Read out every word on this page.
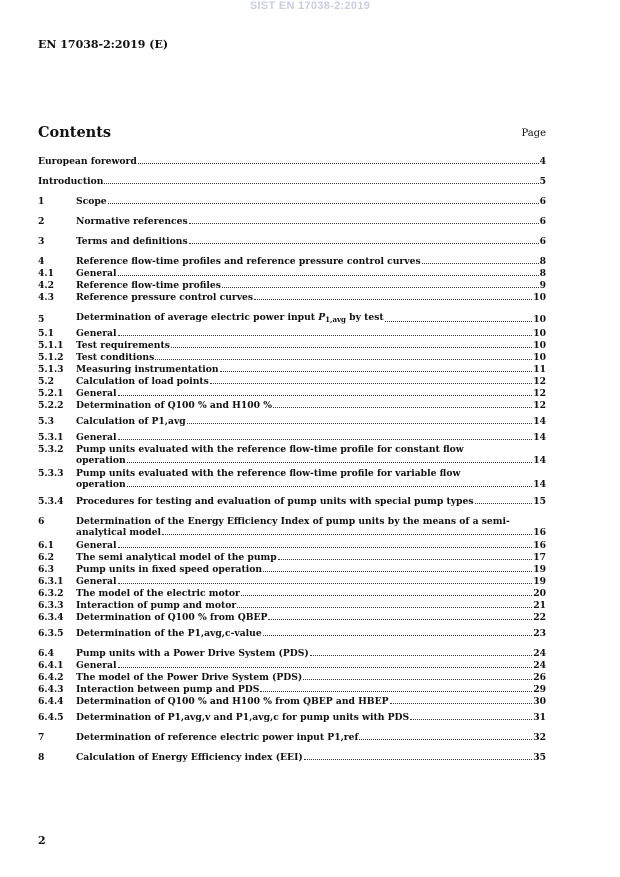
SIST EN 17038-2:2019
EN 17038-2:2019 (E)
Contents	Page
European foreword	4
Introduction	5
1	Scope	6
2	Normative references	6
3	Terms and definitions	6
4	Reference flow-time profiles and reference pressure control curves	8
4.1	General	8
4.2	Reference flow-time profiles	9
4.3	Reference pressure control curves	10
5	Determination of average electric power input $P_{1,avg}$ by test	10
5.1	General	10
5.1.1	Test requirements	10
5.1.2	Test conditions	10
5.1.3	Measuring instrumentation	11
5.2	Calculation of load points	12
5.2.1	General	12
5.2.2	Determination of Q100 % and H100 %	12
5.3	Calculation of P1,avg	14
5.3.1	General	14
5.3.2	Pump units evaluated with the reference flow-time profile for constant flow
operation	14
5.3.3	Pump units evaluated with the reference flow-time profile for variable flow
operation	14
5.3.4	Procedures for testing and evaluation of pump units with special pump types	15
6	Determination of the Energy Efficiency Index of pump units by the means of a semi-
analytical model	16
6.1	General	16
6.2	The semi analytical model of the pump	17
6.3	Pump units in fixed speed operation	19
6.3.1	General	19
6.3.2	The model of the electric motor	20
6.3.3	Interaction of pump and motor	21
6.3.4	Determination of Q100 % from QBEP	22
6.3.5	Determination of the P1,avg,c-value	23
6.4	Pump units with a Power Drive System (PDS)	24
6.4.1	General	24
6.4.2	The model of the Power Drive System (PDS)	26
6.4.3	Interaction between pump and PDS	29
6.4.4	Determination of Q100 % and H100 % from QBEP and HBEP	30
6.4.5	Determination of P1,avg,v and P1,avg,c for pump units with PDS	31
7	Determination of reference electric power input P1,ref	32
8	Calculation of Energy Efficiency index (EEI)	35
2
